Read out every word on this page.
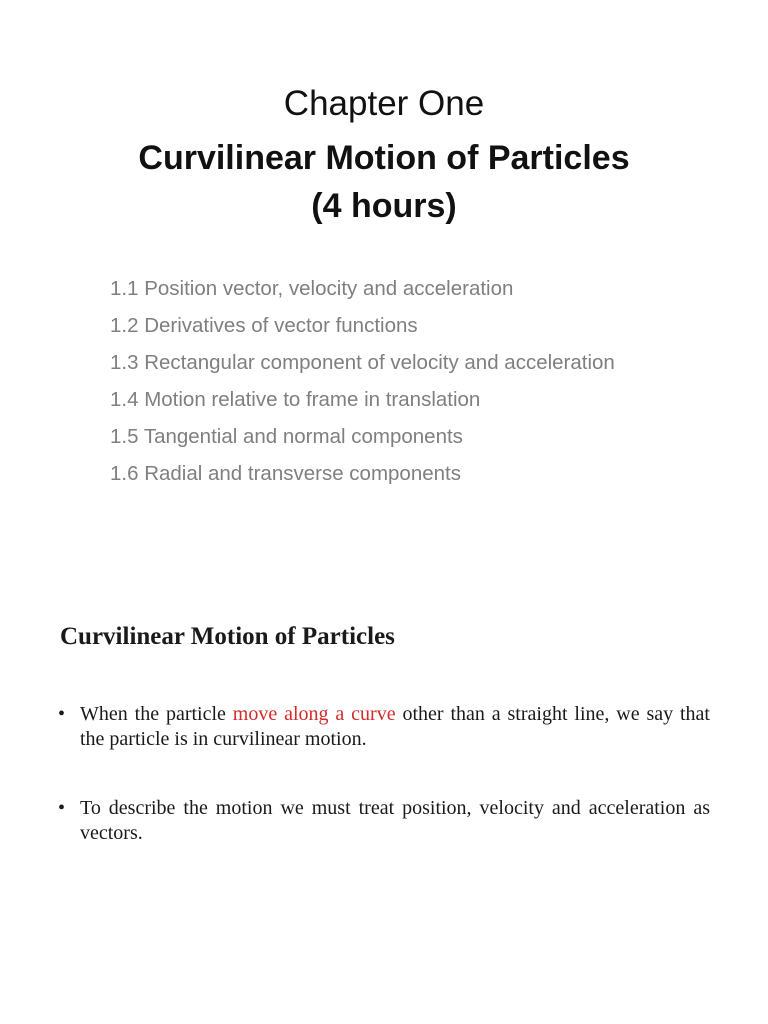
Chapter One
Curvilinear Motion of Particles
(4 hours)
1.1 Position vector, velocity and acceleration
1.2 Derivatives of vector functions
1.3 Rectangular component of velocity and acceleration
1.4 Motion relative to frame in translation
1.5 Tangential and normal components
1.6 Radial and transverse components
Curvilinear Motion of Particles
• When the particle move along a curve other than a straight line, we say that the particle is in curvilinear motion.
• To describe the motion we must treat position, velocity and acceleration as vectors.
